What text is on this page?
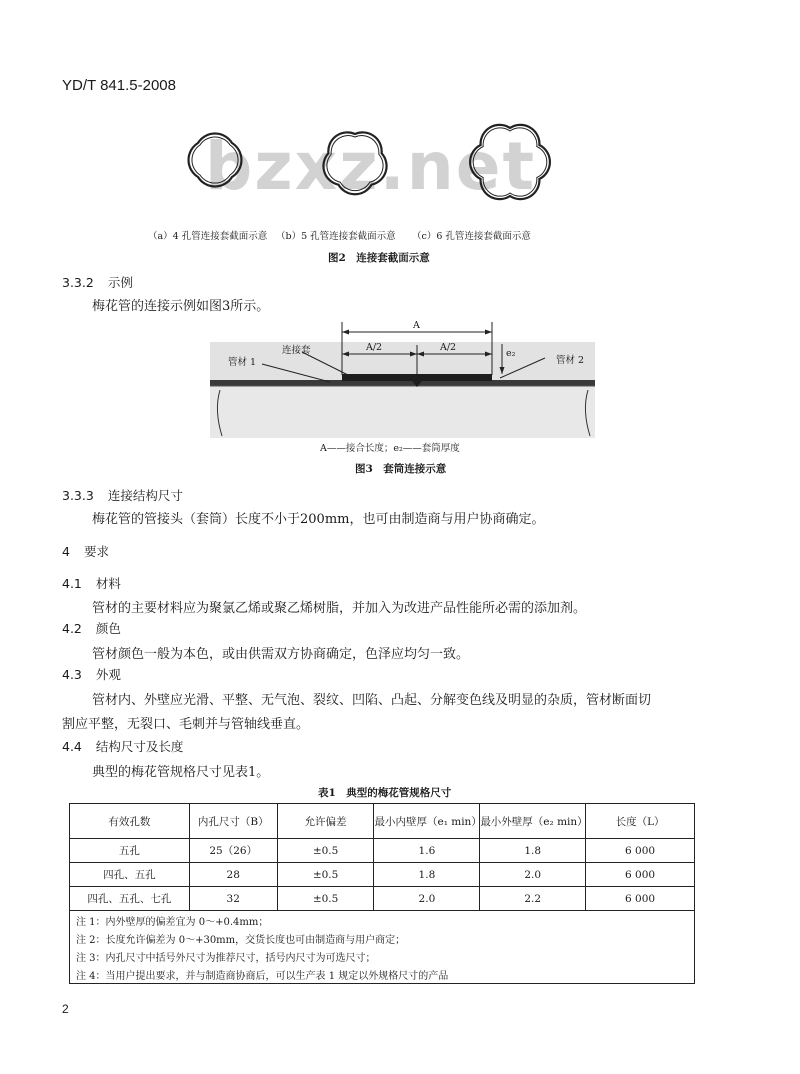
YD/T 841.5-2008
bzxz.net
（a）4 孔管连接套截面示意 （b）5 孔管连接套截面示意 （c）6 孔管连接套截面示意
图2　连接套截面示意
3.3.2 示例
梅花管的连接示例如图3所示。
管材 1
连接套
管材 2
A
A/2	A/2
e₂
A——接合长度；e₂——套筒厚度
图3　套筒连接示意
3.3.3 连接结构尺寸
梅花管的管接头（套筒）长度不小于200mm，也可由制造商与用户协商确定。
4 要求
4.1 材料
管材的主要材料应为聚氯乙烯或聚乙烯树脂，并加入为改进产品性能所必需的添加剂。
4.2 颜色
管材颜色一般为本色，或由供需双方协商确定，色泽应均匀一致。
4.3 外观
管材内、外壁应光滑、平整、无气泡、裂纹、凹陷、凸起、分解变色线及明显的杂质，管材断面切
割应平整，无裂口、毛刺并与管轴线垂直。
4.4 结构尺寸及长度
典型的梅花管规格尺寸见表1。
表1　典型的梅花管规格尺寸
有效孔数	内孔尺寸（B）	允许偏差	最小内壁厚（e₁ min）	最小外壁厚（e₂ min）	长度（L）
五孔	25（26）	±0.5	1.6	1.8	6 000
四孔、五孔	28	±0.5	1.8	2.0	6 000
四孔、五孔、七孔	32	±0.5	2.0	2.2	6 000
注 1：内外壁厚的偏差宜为 0～+0.4mm；					
注 2：长度允许偏差为 0～+30mm，交货长度也可由制造商与用户商定；					
注 3：内孔尺寸中括号外尺寸为推荐尺寸，括号内尺寸为可选尺寸；					
注 4：当用户提出要求，并与制造商协商后，可以生产表 1 规定以外规格尺寸的产品					
2
